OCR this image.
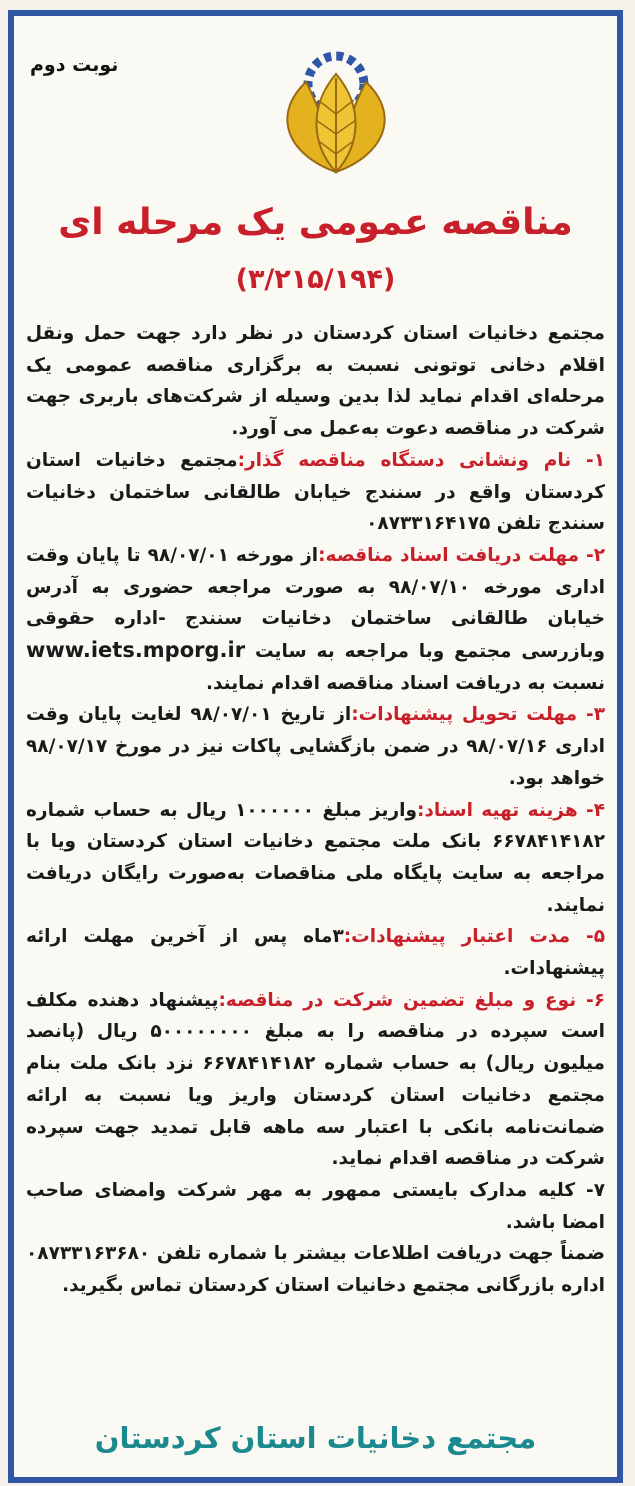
نوبت دوم
مناقصه عمومی یک مرحله ای
(۳/۲۱۵/۱۹۴)

مجتمع دخانیات استان کردستان در نظر دارد جهت حمل ونقل اقلام دخانی توتونی نسبت به برگزاری مناقصه عمومی یک مرحله‌ای اقدام نماید لذا بدین وسیله از شرکت‌های باربری جهت شرکت در مناقصه دعوت به‌عمل می آورد.

۱- نام ونشانی دستگاه مناقصه گذار:مجتمع دخانیات استان کردستان واقع در سنندج خیابان طالقانی ساختمان دخانیات سنندج تلفن ۰۸۷۳۳۱۶۴۱۷۵

۲- مهلت دریافت اسناد مناقصه:از مورخه ۹۸/۰۷/۰۱ تا پایان وقت اداری مورخه ۹۸/۰۷/۱۰ به صورت مراجعه حضوری به آدرس خیابان طالقانی ساختمان دخانیات سنندج -اداره حقوقی وبازرسی مجتمع وبا مراجعه به سایت www.iets.mporg.ir نسبت به دریافت اسناد مناقصه اقدام نمایند.

۳- مهلت تحویل پیشنهادات:از تاریخ ۹۸/۰۷/۰۱ لغایت پایان وقت اداری ۹۸/۰۷/۱۶ در ضمن بازگشایی پاکات نیز در مورخ ۹۸/۰۷/۱۷ خواهد بود.

۴- هزینه تهیه اسناد:واریز مبلغ ۱۰۰۰۰۰۰ ریال به حساب شماره ۶۶۷۸۴۱۴۱۸۲ بانک ملت مجتمع دخانیات استان کردستان ویا با مراجعه به سایت پایگاه ملی مناقصات به‌صورت رایگان دریافت نمایند.

۵- مدت اعتبار پیشنهادات:۳ماه پس از آخرین مهلت ارائه پیشنهادات.

۶- نوع و مبلغ تضمین شرکت در مناقصه:پیشنهاد دهنده مکلف است سپرده در مناقصه را به مبلغ ۵۰۰۰۰۰۰۰۰ ریال (پانصد میلیون ریال) به حساب شماره ۶۶۷۸۴۱۴۱۸۲ نزد بانک ملت بنام مجتمع دخانیات استان کردستان واریز ویا نسبت به ارائه ضمانت‌نامه بانکی با اعتبار سه ماهه قابل تمدید جهت سپرده شرکت در مناقصه اقدام نماید.

۷- کلیه مدارک بایستی ممهور به مهر شرکت وامضای صاحب امضا باشد.

ضمناً جهت دریافت اطلاعات بیشتر با شماره تلفن ۰۸۷۳۳۱۶۳۶۸۰ اداره بازرگانی مجتمع دخانیات استان کردستان تماس بگیرید.

مجتمع دخانیات استان کردستان
